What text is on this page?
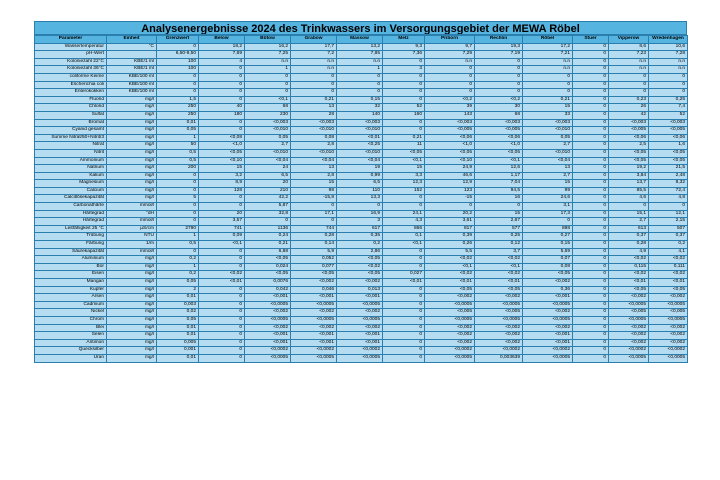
Analysenergebnisse 2024 des Trinkwassers im Versorgungsgebiet der MEWA Röbel
Parameter	Einheit	Grenzwert	Below	Bütow	Grabow	Massow	Melz	Priborn	Rechlin	Röbel	Stuer	Vipperow	Wredenhagen
Wassertemperatur	°C	0	18,2	16,2	17,7	13,2	9,3	9,7	19,3	17,2	0	8,6	10,6
pH-Wert		6,50-9,50	7,69	7,25	7,2	7,85	7,36	7,29	7,19	7,21	0	7,23	7,28
Koloniezahl 22°C	KBE/1 ml	100	4	n.n	n.n	n.n	0	n.n	0	n.n	0	n.n	n.n
Koloniezahl 36°C	KBE/1 ml	100	0	1	n.n	1	3	0	0	n.n	0	n.n	n.n
coliforme Keime	KBE/100 ml	0	0	0	0	0	0	0	0	0	0	0	0
Escherichia coli	KBE/100 ml	0	0	0	0	0	0	0	0	0	0	0	0
Enterokokken	KBE/100 ml	0	0	0	0	0	0	0	0	0	0	0	0
Fluorid	mg/l	1,5	0	<0,1	0,21	0,15	0	<0,2	<0,2	0,21	0	0,23	0,25
Chlorid	mg/l	250	40	68	13	32	52	39	30	15	0	26	7,4
Sulfat	mg/l	250	180	230	28	140	160	143	68	33	0	42	52
Bromat	mg/l	0,01	0	<0,003	<0,003	<0,003	0	<0,003	<0,003	<0,003	0	<0,003	<0,003
Cyanid gesamt	mg/l	0,05	0	<0,010	<0,010	<0,010	0	<0,005	<0,005	<0,010	0	<0,005	<0,005
Summe Nitrat/50+Nitrit/3	mg/l	1	<0,08	0,05	0,08	<0,01	0,21	<0,06	<0,06	0,05	0	<0,06	<0,06
Nitrat	mg/l	50	<1,0	2,7	2,8	<0,25	11	<1,0	<1,0	2,7	0	2,5	1,6
Nitrit	mg/l	0,5	<0,05	<0,010	<0,010	<0,010	<0,05	<0,05	<0,05	<0,010	0	<0,05	<0,05
Ammonium	mg/l	0,5	<0,10	<0,04	<0,04	<0,04	<0,1	<0,10	<0,1	<0,04	0	<0,05	<0,05
Natrium	mg/l	200	15	24	13	19	15	24,9	12,6	13	0	19,2	21,5
Kalium	mg/l	0	3,2	6,5	2,8	0,99	3,3	46,6	1,17	2,7	0	3,84	2,48
Magnesium	mg/l	0	8,9	20	15	6,5	12,3	12,9	7,04	15	0	13,7	8,32
Calcium	mg/l	0	128	210	98	110	152	123	94,5	99	0	85,5	72,4
Calcitlösekapazität	mg/l	5	0	42,2	-15,8	13,3	0	-15	16	24,6	0	4,6	4,8
Carbonathärte	mmol/l	0	0	5,87	0	0	0	0	0	3,1	0	0	0
Härtegrad	°dH	0	20	32,8	17,1	16,9	24,1	20,2	15	17,3	0	15,1	12,1
Härtegrad	mmol/l	0	3,57	0	0	3	4,3	3,61	2,67	0	0	2,7	2,15
Leitfähigkeit 25 °C	µS/cm	2790	741	1136	744	617	866	817	577	898	0	613	507
Trübung	NTU	1	0,09	0,24	0,28	0,35	0,1	0,39	0,25	0,27	0	0,37	0,37
Färbung	1/m	0,5	<0,1	0,21	0,14	0,2	<0,1	0,26	0,12	0,15	0	0,28	0,2
Säurekapazität	mmol/l	0	0	6,88	5,9	2,86	0	5,5	3,7	5,69	0	4,9	4,1
Aluminium	mg/l	0,2	0	<0,05	0,052	<0,05	0	<0,02	<0,02	0,07	0	<0,02	<0,02
Bor	mg/l	1	0	0,024	0,077	<0,02	0	<0,1	<0,1	0,08	0	0,115	0,111
Eisen	mg/l	0,2	<0,02	<0,05	<0,05	<0,05	0,027	<0,02	<0,02	<0,05	0	<0,02	<0,02
Mangan	mg/l	0,05	<0,01	0,0076	<0,002	<0,002	<0,01	<0,01	<0,01	<0,002	0	<0,01	<0,01
Kupfer	mg/l	2	0	0,042	0,046	0,013	0	<0,05	<0,05	0,36	0	<0,05	<0,05
Arsen	mg/l	0,01	0	<0,001	<0,001	<0,001	0	<0,002	<0,002	<0,001	0	<0,002	<0,002
Cadmium	mg/l	0,003	0	<0,0005	<0,0005	<0,0005	0	<0,0005	<0,0005	<0,0005	0	<0,0005	<0,0005
Nickel	mg/l	0,02	0	<0,002	<0,002	<0,002	0	<0,005	<0,005	<0,002	0	<0,005	<0,005
Chrom	mg/l	0,05	0	<0,0005	<0,0005	<0,0005	0	<0,0005	<0,0005	<0,0005	0	<0,0005	<0,0005
Blei	mg/l	0,01	0	<0,002	<0,002	<0,002	0	<0,002	<0,002	<0,002	0	<0,002	<0,002
Selen	mg/l	0,01	0	<0,001	<0,001	<0,001	0	<0,002	<0,002	<0,001	0	<0,002	<0,002
Antimon	mg/l	0,005	0	<0,001	<0,001	<0,001	0	<0,002	<0,002	<0,001	0	<0,002	<0,002
Quecksilber	mg/l	0,001	0	<0,0002	<0,0002	<0,0002	0	<0,0002	<0,0002	<0,0002	0	<0,0002	<0,0002
Uran	mg/l	0,01	0	<0,0005	<0,0005	<0,0005	0	<0,0005	0,003639	<0,0005	0	<0,0005	<0,0005
